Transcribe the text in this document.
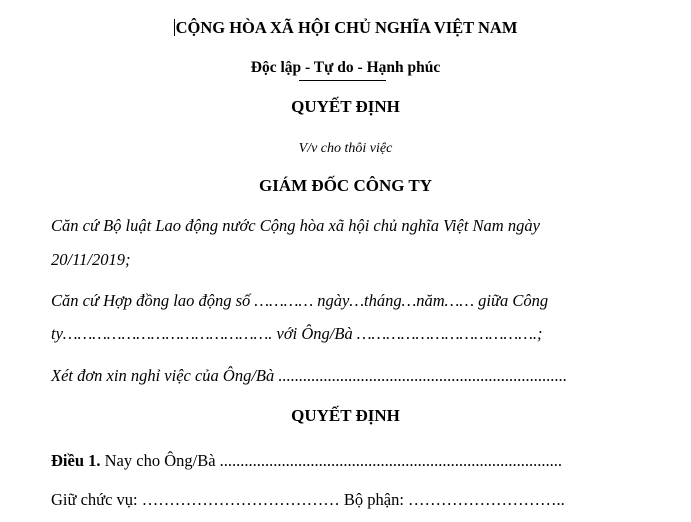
CỘNG HÒA XÃ HỘI CHỦ NGHĨA VIỆT NAM
Độc lập - Tự do - Hạnh phúc
QUYẾT ĐỊNH
V/v cho thôi việc
GIÁM ĐỐC CÔNG TY
Căn cứ Bộ luật Lao động nước Cộng hòa xã hội chủ nghĩa Việt Nam ngày
20/11/2019;
Căn cứ Hợp đồng lao động số ………… ngày…tháng…năm…… giữa Công
ty……………………………………. với Ông/Bà ……………………………….;
Xét đơn xin nghỉ việc của Ông/Bà ......................................................................
QUYẾT ĐỊNH
Điều 1. Nay cho Ông/Bà ...................................................................................
Giữ chức vụ: ……………………………… Bộ phận: ………………………..
